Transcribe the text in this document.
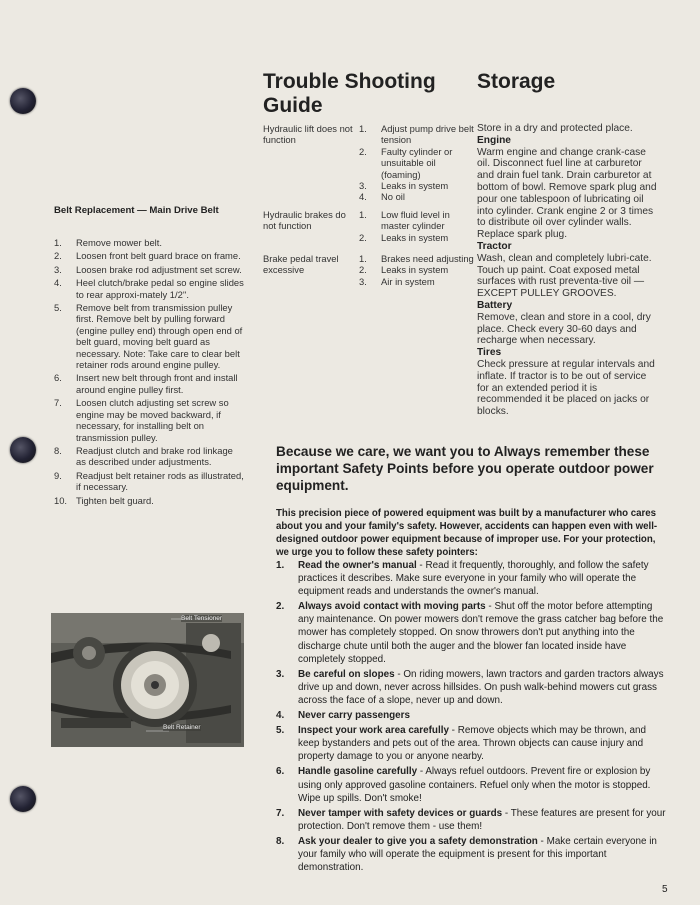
Trouble Shooting
Guide
Hydraulic lift does not function
1. Adjust pump drive belt tension
2. Faulty cylinder or unsuitable oil (foaming)
3. Leaks in system
4. No oil
Hydraulic brakes do not function
1. Low fluid level in master cylinder
2. Leaks in system
Brake pedal travel excessive
1. Brakes need adjusting
2. Leaks in system
3. Air in system
Storage
Store in a dry and protected place.
Engine
Warm engine and change crank-case oil. Disconnect fuel line at carburetor and drain fuel tank. Drain carburetor at bottom of bowl. Remove spark plug and pour one tablespoon of lubricating oil into cylinder. Crank engine 2 or 3 times to distribute oil over cylinder walls. Replace spark plug.
Tractor
Wash, clean and completely lubri-cate. Touch up paint. Coat exposed metal surfaces with rust preventa-tive oil — EXCEPT PULLEY GROOVES.
Battery
Remove, clean and store in a cool, dry place. Check every 30-60 days and recharge when necessary.
Tires
Check pressure at regular intervals and inflate. If tractor is to be out of service for an extended period it is recommended it be placed on jacks or blocks.
Belt Replacement — Main Drive Belt
1. Remove mower belt.
2. Loosen front belt guard brace on frame.
3. Loosen brake rod adjustment set screw.
4. Heel clutch/brake pedal so engine slides to rear approxi-mately 1/2''.
5. Remove belt from transmission pulley first. Remove belt by pulling forward (engine pulley end) through open end of belt guard, moving belt guard as necessary. Note: Take care to clear belt retainer rods around engine pulley.
6. Insert new belt through front and install around engine pulley first.
7. Loosen clutch adjusting set screw so engine may be moved backward, if necessary, for installing belt on transmission pulley.
8. Readjust clutch and brake rod linkage as described under adjustments.
9. Readjust belt retainer rods as illustrated, if necessary.
10. Tighten belt guard.
Belt Tensioner
Belt Retainer
Because we care, we want you to Always remember these important Safety Points before you operate outdoor power equipment.
This precision piece of powered equipment was built by a manufacturer who cares about you and your family's safety. However, accidents can happen even with well-designed outdoor power equipment because of improper use. For your protection, we urge you to follow these safety pointers:
1. Read the owner's manual - Read it frequently, thoroughly, and follow the safety practices it describes. Make sure everyone in your family who will operate the equipment reads and understands the owner's manual.
2. Always avoid contact with moving parts - Shut off the motor before attempting any maintenance. On power mowers don't remove the grass catcher bag before the mower has completely stopped. On snow throwers don't put anything into the discharge chute until both the auger and the blower fan located inside have completely stopped.
3. Be careful on slopes - On riding mowers, lawn tractors and garden tractors always drive up and down, never across hillsides. On push walk-behind mowers cut grass across the face of a slope, never up and down.
4. Never carry passengers
5. Inspect your work area carefully - Remove objects which may be thrown, and keep bystanders and pets out of the area. Thrown objects can cause injury and property damage to you or anyone nearby.
6. Handle gasoline carefully - Always refuel outdoors. Prevent fire or explosion by using only approved gasoline containers. Refuel only when the motor is stopped. Wipe up spills. Don't smoke!
7. Never tamper with safety devices or guards - These features are present for your protection. Don't remove them - use them!
8. Ask your dealer to give you a safety demonstration - Make certain everyone in your family who will operate the equipment is present for this important demonstration.
5
